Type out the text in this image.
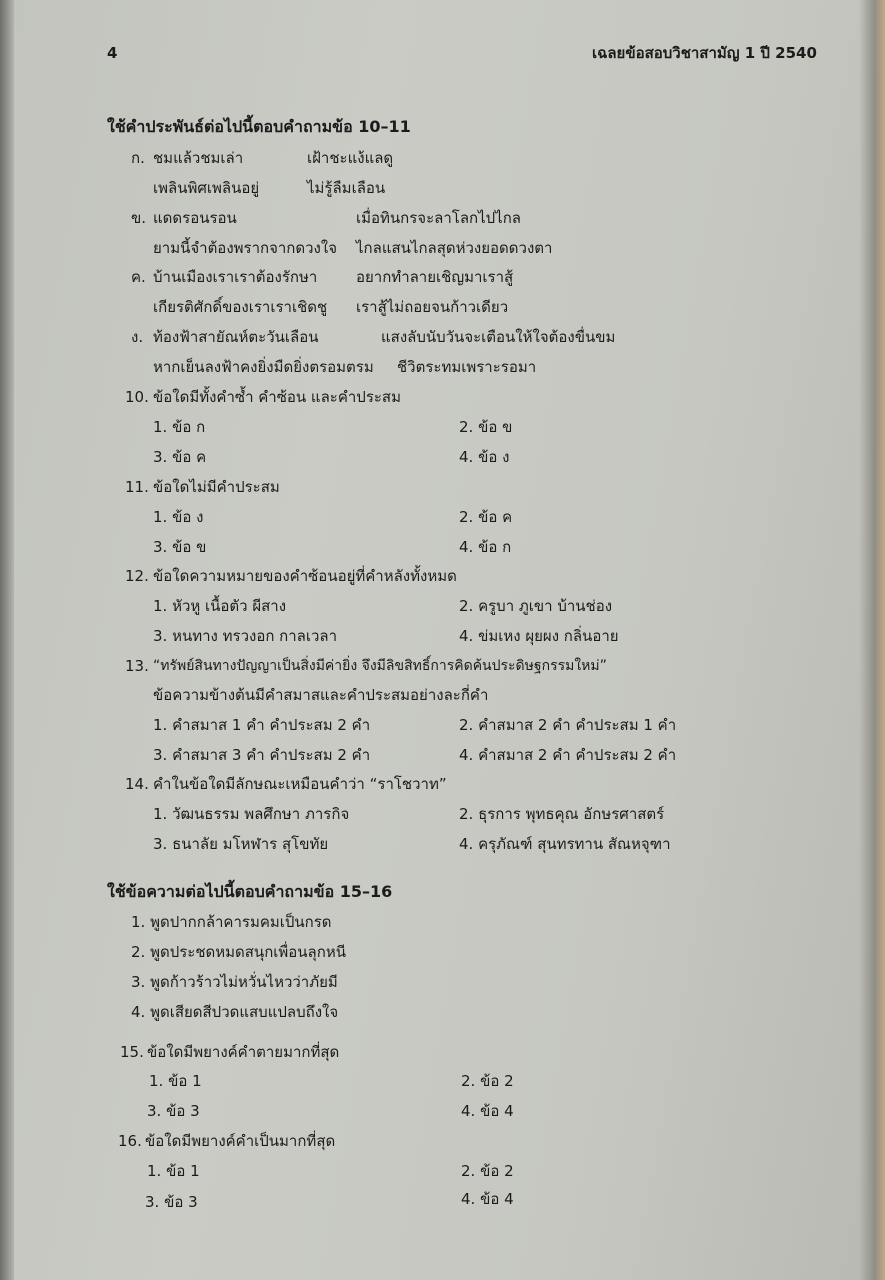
4	เฉลยข้อสอบวิชาสามัญ 1 ปี 2540
ใช้คำประพันธ์ต่อไปนี้ตอบคำถามข้อ 10–11
ก. ชมแล้วชมเล่า	เฝ้าชะแง้แลดู
เพลินพิศเพลินอยู่	ไม่รู้ลืมเลือน
ข. แดดรอนรอน	เมื่อทินกรจะลาโลกไปไกล
ยามนี้จำต้องพรากจากดวงใจ ไกลแสนไกลสุดห่วงยอดดวงตา
ค. บ้านเมืองเราเราต้องรักษา	อยากทำลายเชิญมาเราสู้
เกียรติศักดิ์ของเราเราเชิดชู เราสู้ไม่ถอยจนก้าวเดียว
ง. ท้องฟ้าสายัณห์ตะวันเลือน	แสงลับนับวันจะเตือนให้ใจต้องขื่นขม
หากเย็นลงฟ้าคงยิ่งมืดยิ่งตรอมตรม ชีวิตระทมเพราะรอมา
10. ข้อใดมีทั้งคำซ้ำ คำซ้อน และคำประสม
1. ข้อ ก	2. ข้อ ข
3. ข้อ ค	4. ข้อ ง
11. ข้อใดไม่มีคำประสม
1. ข้อ ง	2. ข้อ ค
3. ข้อ ข	4. ข้อ ก
12. ข้อใดความหมายของคำซ้อนอยู่ที่คำหลังทั้งหมด
1. หัวหู เนื้อตัว ผีสาง	2. ครูบา ภูเขา บ้านช่อง
3. หนทาง ทรวงอก กาลเวลา	4. ข่มเหง ผุยผง กลิ่นอาย
13. “ทรัพย์สินทางปัญญาเป็นสิ่งมีค่ายิ่ง จึงมีลิขสิทธิ์การคิดค้นประดิษฐกรรมใหม่”
ข้อความข้างต้นมีคำสมาสและคำประสมอย่างละกี่คำ
1. คำสมาส 1 คำ คำประสม 2 คำ	2. คำสมาส 2 คำ คำประสม 1 คำ
3. คำสมาส 3 คำ คำประสม 2 คำ	4. คำสมาส 2 คำ คำประสม 2 คำ
14. คำในข้อใดมีลักษณะเหมือนคำว่า “ราโชวาท”
1. วัฒนธรรม พลศึกษา ภารกิจ	2. ธุรการ พุทธคุณ อักษรศาสตร์
3. ธนาลัย มโหฬาร สุโขทัย	4. ครุภัณฑ์ สุนทรทาน สัณหจุฑา
ใช้ข้อความต่อไปนี้ตอบคำถามข้อ 15–16
1. พูดปากกล้าคารมคมเป็นกรด
2. พูดประชดหมดสนุกเพื่อนลุกหนี
3. พูดก้าวร้าวไม่หวั่นไหวว่าภัยมี
4. พูดเสียดสีปวดแสบแปลบถึงใจ
15. ข้อใดมีพยางค์คำตายมากที่สุด
1. ข้อ 1	2. ข้อ 2
3. ข้อ 3	4. ข้อ 4
16. ข้อใดมีพยางค์คำเป็นมากที่สุด
1. ข้อ 1	2. ข้อ 2
3. ข้อ 3	4. ข้อ 4
